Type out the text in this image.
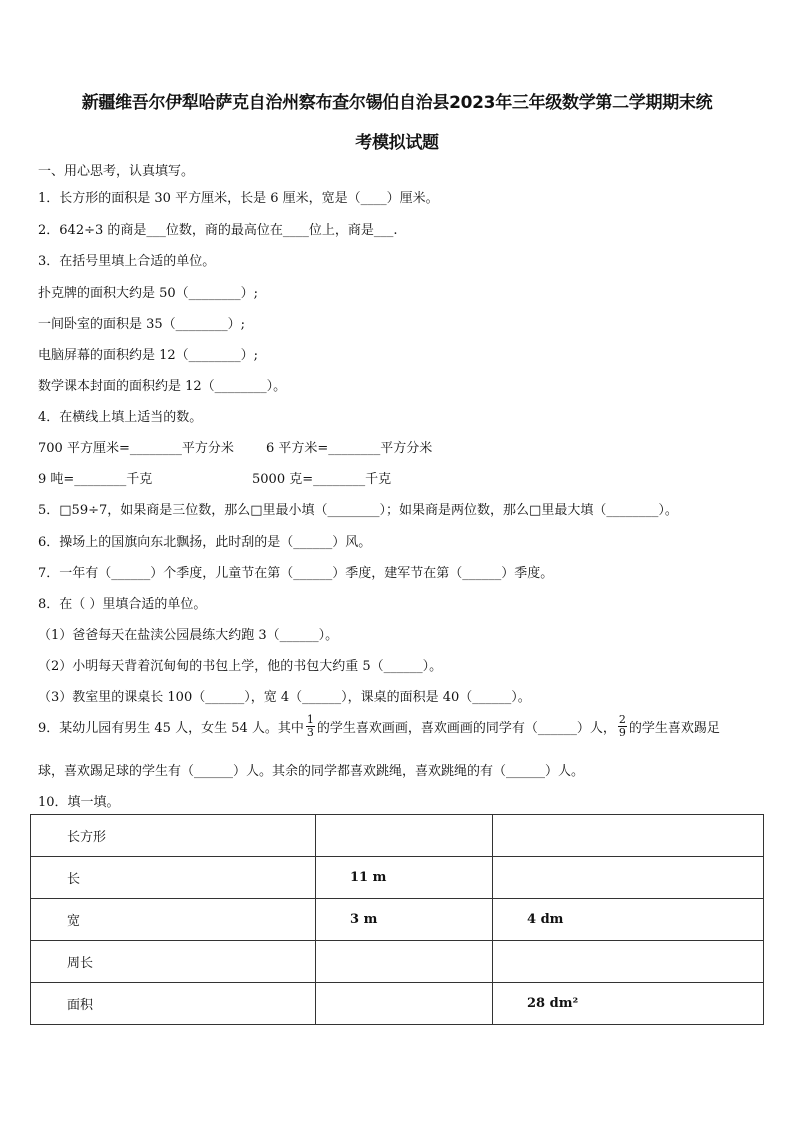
新疆维吾尔伊犁哈萨克自治州察布查尔锡伯自治县2023年三年级数学第二学期期末统
考模拟试题
一、用心思考，认真填写。
1．长方形的面积是 30 平方厘米，长是 6 厘米，宽是（____）厘米。
2．642÷3 的商是___位数，商的最高位在____位上，商是___.
3．在括号里填上合适的单位。
扑克牌的面积大约是 50（________）;
一间卧室的面积是 35（________）;
电脑屏幕的面积约是 12（________）;
数学课本封面的面积约是 12（________）。
4．在横线上填上适当的数。
700 平方厘米=________平方分米 6 平方米=________平方分米
9 吨=________千克	5000 克=________千克
5．□59÷7，如果商是三位数，那么□里最小填（________）；如果商是两位数，那么□里最大填（________）。
6．操场上的国旗向东北飘扬，此时刮的是（______）风。
7．一年有（______）个季度，儿童节在第（______）季度，建军节在第（______）季度。
8．在（ ）里填合适的单位。
（1）爸爸每天在盐渎公园晨练大约跑 3（______）。
（2）小明每天背着沉甸甸的书包上学，他的书包大约重 5（______）。
（3）教室里的课桌长 100（______），宽 4（______），课桌的面积是 40（______）。
9．某幼儿园有男生 45 人，女生 54 人。其中 $\frac{1}{3}$ 的学生喜欢画画，喜欢画画的同学有（______）人， $\frac{2}{9}$ 的学生喜欢踢足
球，喜欢踢足球的学生有（______）人。其余的同学都喜欢跳绳，喜欢跳绳的有（______）人。
10．填一填。
长方形		
长	11 m	
宽	3 m	4 dm
周长		
面积		28 dm²
